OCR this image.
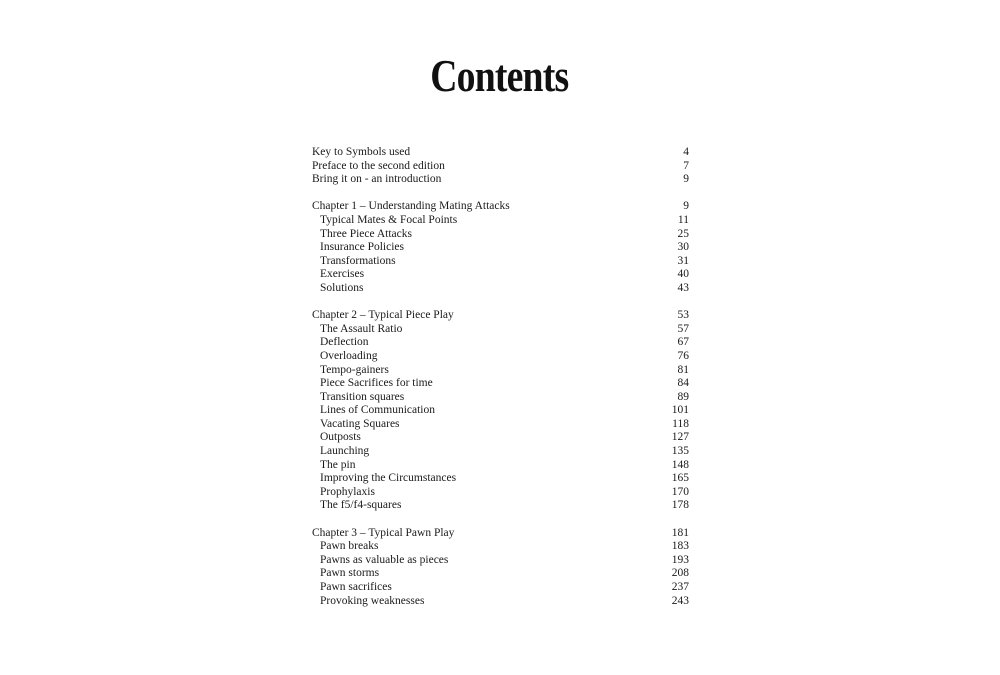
Contents
Key to Symbols used	4
Preface to the second edition	7
Bring it on - an introduction	9
Chapter 1 – Understanding Mating Attacks	9
Typical Mates & Focal Points	11
Three Piece Attacks	25
Insurance Policies	30
Transformations	31
Exercises	40
Solutions	43
Chapter 2 – Typical Piece Play	53
The Assault Ratio	57
Deflection	67
Overloading	76
Tempo-gainers	81
Piece Sacrifices for time	84
Transition squares	89
Lines of Communication	101
Vacating Squares	118
Outposts	127
Launching	135
The pin	148
Improving the Circumstances	165
Prophylaxis	170
The f5/f4-squares	178
Chapter 3 – Typical Pawn Play	181
Pawn breaks	183
Pawns as valuable as pieces	193
Pawn storms	208
Pawn sacrifices	237
Provoking weaknesses	243
